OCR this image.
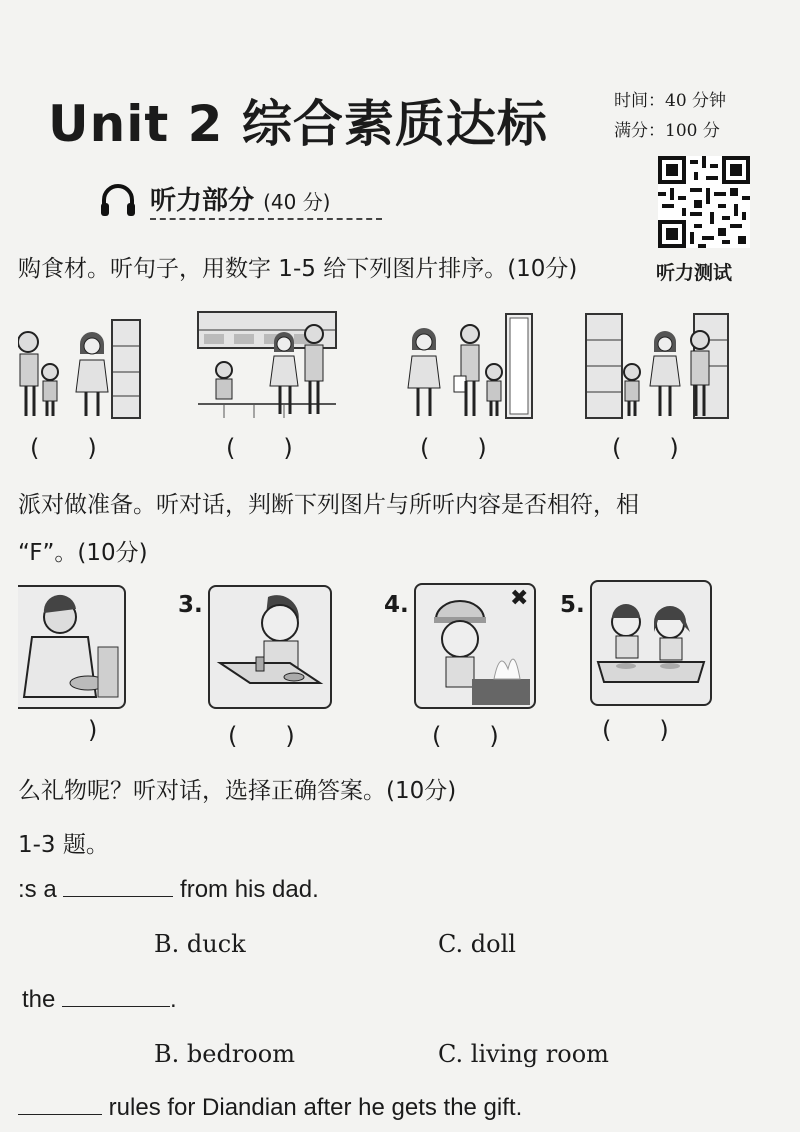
Unit 2 综合素质达标	时间：40 分钟
满分：100 分
听力测试
听力部分 (40 分)
购食材。听句子，用数字 1-5 给下列图片排序。(10分)
(　　)	(　　)	(　　)	(　　)
派对做准备。听对话，判断下列图片与所听内容是否相符，相
“F”。(10分)
3.	4.	✖ 5.
)	(　　)	(　　)	(　　)
么礼物呢？听对话，选择正确答案。(10分)
1-3 题。
:s a	from his dad.
B. duck	C. doll
the	.
B. bedroom	C. living room
rules for Diandian after he gets the gift.
